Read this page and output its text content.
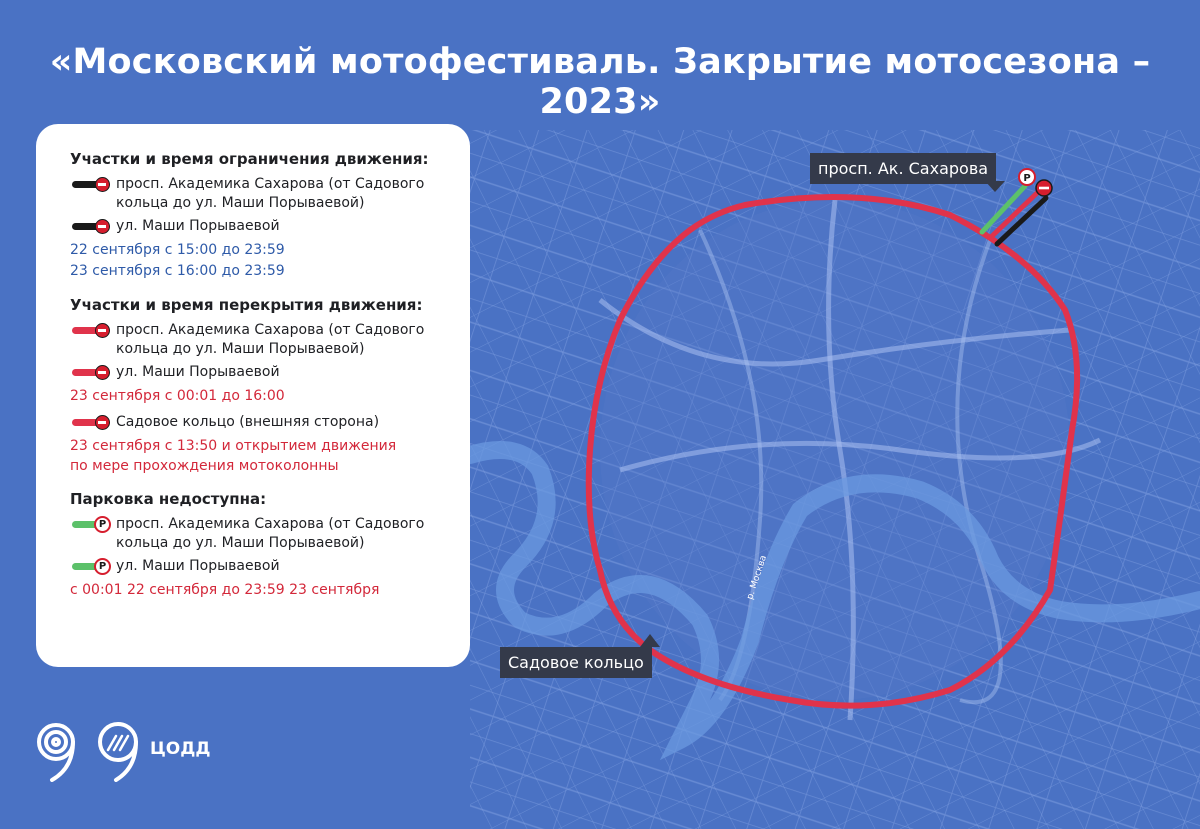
р. Москва
P
«Московский мотофестиваль. Закрытие мотосезона – 2023»
просп. Ак. Сахарова
Садовое кольцо
Участки и время ограничения движения:
просп. Академика Сахарова (от Садового кольца до ул. Маши Порываевой)
ул. Маши Порываевой
22 сентября с 15:00 до 23:59
23 сентября с 16:00 до 23:59
Участки и время перекрытия движения:
просп. Академика Сахарова (от Садового кольца до ул. Маши Порываевой)
ул. Маши Порываевой
23 сентября с 00:01 до 16:00
Садовое кольцо (внешняя сторона)
23 сентября с 13:50 и открытием движения по мере прохождения мотоколонны
Парковка недоступна:
P просп. Академика Сахарова (от Садового кольца до ул. Маши Порываевой)
P ул. Маши Порываевой
с 00:01 22 сентября до 23:59 23 сентября
ЦОДД
